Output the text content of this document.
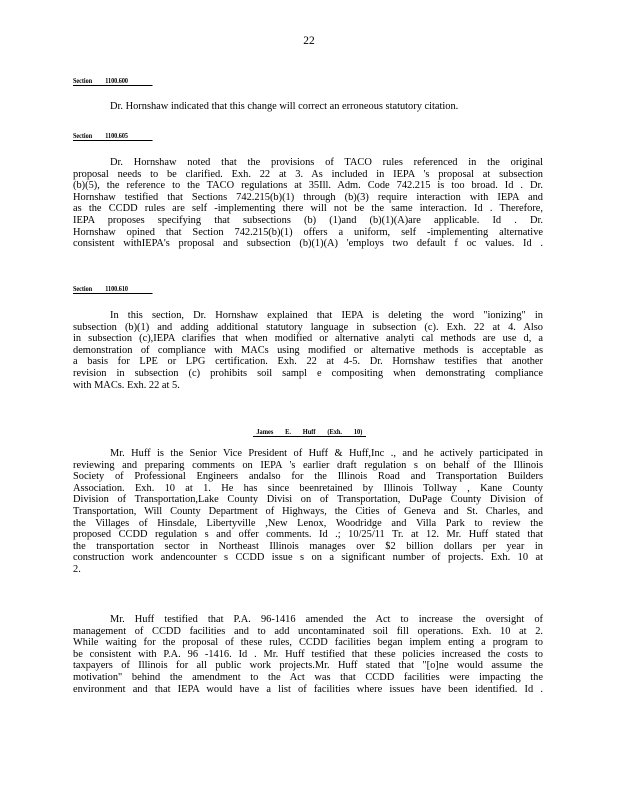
22
Section 1100.600
Dr. Hornshaw indicated that this change will correct an erroneous statutory citation.
Section 1100.605
Dr. Hornshaw noted that the provisions of TACO rules referenced in the original
proposal needs to be clarified. Exh. 22 at 3. As included in IEPA 's proposal at subsection
(b)(5), the reference to the TACO regulations at 35Ill. Adm. Code 742.215 is too broad. Id . Dr.
Hornshaw testified that Sections 742.215(b)(1) through (b)(3) require interaction with IEPA and
as the CCDD rules are self -implementing there will not be the same interaction. Id . Therefore,
IEPA proposes specifying that subsections (b) (1)and (b)(1)(A)are applicable. Id . Dr.
Hornshaw opined that Section 742.215(b)(1) offers a uniform, self -implementing alternative
consistent withIEPA's proposal and subsection (b)(1)(A) 'employs two default f oc values. Id .
Section 1100.610
In this section, Dr. Hornshaw explained that IEPA is deleting the word "ionizing" in
subsection (b)(1) and adding additional statutory language in subsection (c). Exh. 22 at 4. Also
in subsection (c),IEPA clarifies that when modified or alternative analyti cal methods are use d, a
demonstration of compliance with MACs using modified or alternative methods is acceptable as
a basis for LPE or LPG certification. Exh. 22 at 4-5. Dr. Hornshaw testifies that another
revision in subsection (c) prohibits soil sampl e compositing when demonstrating compliance
with MACs. Exh. 22 at 5.
James E. Huff (Exh. 10)
Mr. Huff is the Senior Vice President of Huff & Huff,Inc ., and he actively participated in
reviewing and preparing comments on IEPA 's earlier draft regulation s on behalf of the Illinois
Society of Professional Engineers andalso for the Illinois Road and Transportation Builders
Association. Exh. 10 at 1. He has since beenretained by Illinois Tollway , Kane County
Division of Transportation,Lake County Divisi on of Transportation, DuPage County Division of
Transportation, Will County Department of Highways, the Cities of Geneva and St. Charles, and
the Villages of Hinsdale, Libertyville ,New Lenox, Woodridge and Villa Park to review the
proposed CCDD regulation s and offer comments. Id .; 10/25/11 Tr. at 12. Mr. Huff stated that
the transportation sector in Northeast Illinois manages over $2 billion dollars per year in
construction work andencounter s CCDD issue s on a significant number of projects. Exh. 10 at
2.
Mr. Huff testified that P.A. 96-1416 amended the Act to increase the oversight of
management of CCDD facilities and to add uncontaminated soil fill operations. Exh. 10 at 2.
While waiting for the proposal of these rules, CCDD facilities began implem enting a program to
be consistent with P.A. 96 -1416. Id . Mr. Huff testified that these policies increased the costs to
taxpayers of Illinois for all public work projects.Mr. Huff stated that "[o]ne would assume the
motivation" behind the amendment to the Act was that CCDD facilities were impacting the
environment and that IEPA would have a list of facilities where issues have been identified. Id .
